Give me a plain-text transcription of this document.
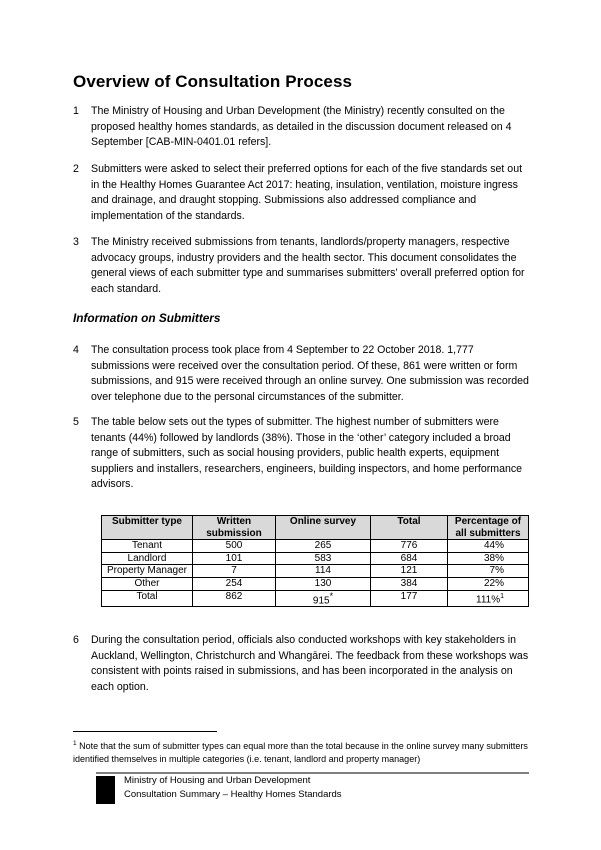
Overview of Consultation Process
1 The Ministry of Housing and Urban Development (the Ministry) recently consulted on the proposed healthy homes standards, as detailed in the discussion document released on 4 September [CAB-MIN-0401.01 refers].
2 Submitters were asked to select their preferred options for each of the five standards set out in the Healthy Homes Guarantee Act 2017: heating, insulation, ventilation, moisture ingress and drainage, and draught stopping. Submissions also addressed compliance and implementation of the standards.
3 The Ministry received submissions from tenants, landlords/property managers, respective advocacy groups, industry providers and the health sector. This document consolidates the general views of each submitter type and summarises submitters’ overall preferred option for each standard.
Information on Submitters
4 The consultation process took place from 4 September to 22 October 2018. 1,777 submissions were received over the consultation period. Of these, 861 were written or form submissions, and 915 were received through an online survey. One submission was recorded over telephone due to the personal circumstances of the submitter.
5 The table below sets out the types of submitter. The highest number of submitters were tenants (44%) followed by landlords (38%). Those in the ‘other’ category included a broad range of submitters, such as social housing providers, public health experts, equipment suppliers and installers, researchers, engineers, building inspectors, and home performance advisors.
Submitter type	Written submission	Online survey	Total	Percentage of all submitters
Tenant	500	265	776	44%
Landlord	101	583	684	38%
Property Manager	7	114	121	7%
Other	254	130	384	22%
Total	862	915*	177	111%$^1$
6 During the consultation period, officials also conducted workshops with key stakeholders in Auckland, Wellington, Christchurch and Whangārei. The feedback from these workshops was consistent with points raised in submissions, and has been incorporated in the analysis on each option.
$^1$ Note that the sum of submitter types can equal more than the total because in the online survey many submitters identified themselves in multiple categories (i.e. tenant, landlord and property manager)
Ministry of Housing and Urban Development
Consultation Summary – Healthy Homes Standards
